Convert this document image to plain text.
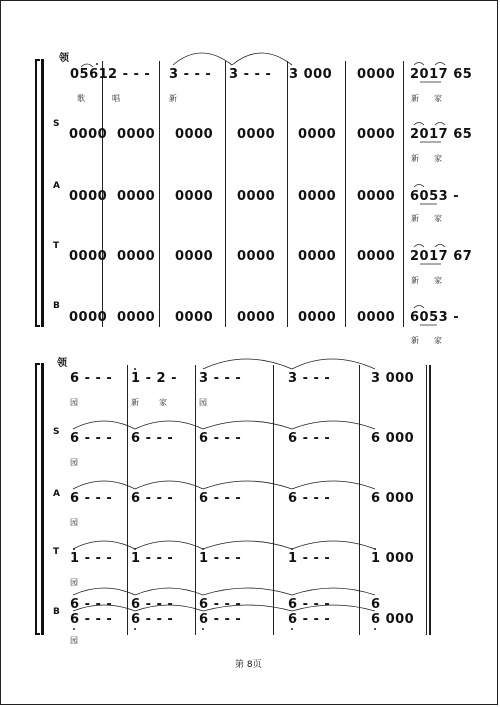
领
0561 2 - - - 3 - - - 3 - - - 3 000 0000 2017 65
歌	唱	新	新 家
S
0000 0000 0000 0000 0000 0000 2017 65
新 家
A
0000 0000 0000 0000 0000 0000 6053 -
新 家
T
0000 0000 0000 0000 0000 0000 2017 67
新 家
B
0000 0000 0000 0000 0000 0000 6053 -
新 家
领
6 - - - 1 - 2 - 3 - - -	3 - - -	3 000
园	新	家	园
S 6 - - - 6 - - - 6 - - -	6 - - -	6 000
园
A 6 - - - 6 - - - 6 - - -	6 - - -	6 000
园
T 1 - - - 1 - - - 1 - - -	1 - - -	1 000
园
B 6 - - - 6 - - - 6 - - -	6 - - -	6
6 - - - 6 - - - 6 - - -	6 - - -	6 000
园
第 8页
